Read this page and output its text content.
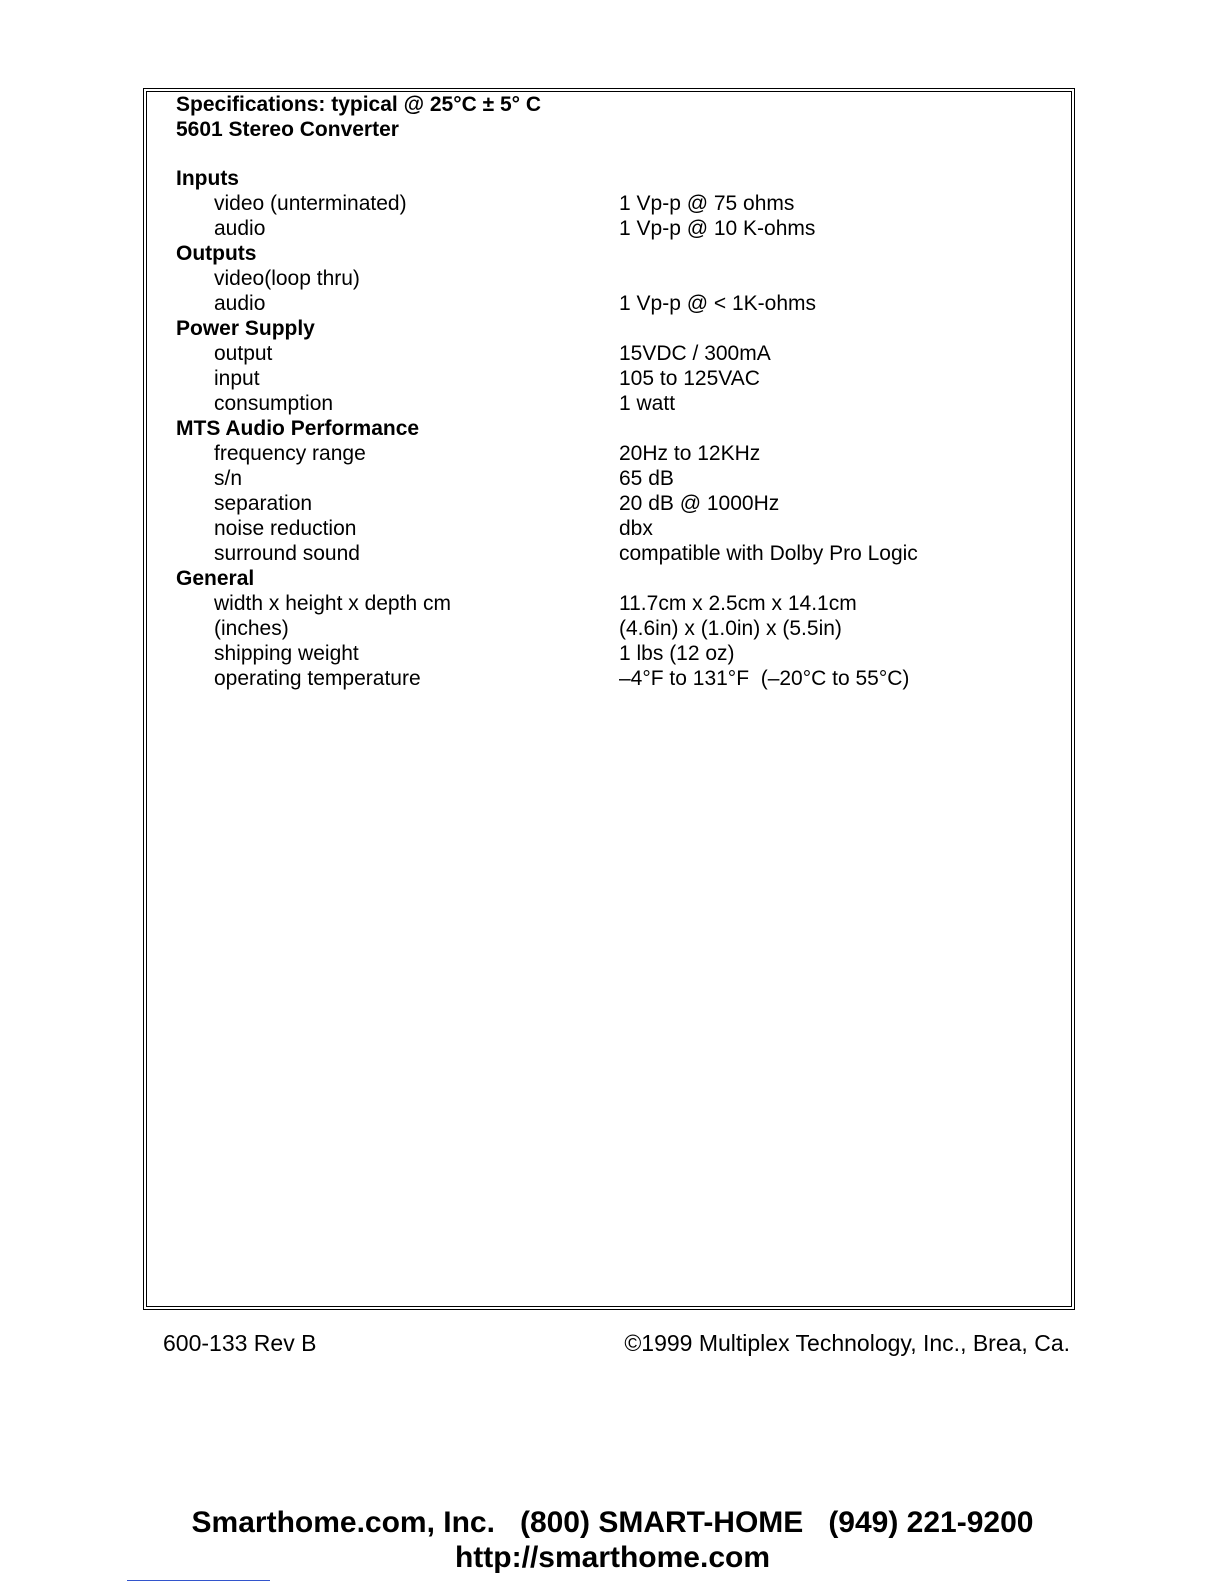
Specifications: typical @ 25°C ± 5° C
5601 Stereo Converter
Inputs
video (unterminated)	1 Vp-p @ 75 ohms
audio	1 Vp-p @ 10 K-ohms
Outputs
video(loop thru)
audio	1 Vp-p @ < 1K-ohms
Power Supply
output	15VDC / 300mA
input	105 to 125VAC
consumption	1 watt
MTS Audio Performance
frequency range	20Hz to 12KHz
s/n	65 dB
separation	20 dB @ 1000Hz
noise reduction	dbx
surround sound	compatible with Dolby Pro Logic
General
width x height x depth cm	11.7cm x 2.5cm x 14.1cm
(inches)	(4.6in) x (1.0in) x (5.5in)
shipping weight	1 lbs (12 oz)
operating temperature	–4°F to 131°F  (–20°C to 55°C)
600-133 Rev B	©1999 Multiplex Technology, Inc., Brea, Ca.
Smarthome.com, Inc.   (800) SMART-HOME   (949) 221-9200
http://smarthome.com
